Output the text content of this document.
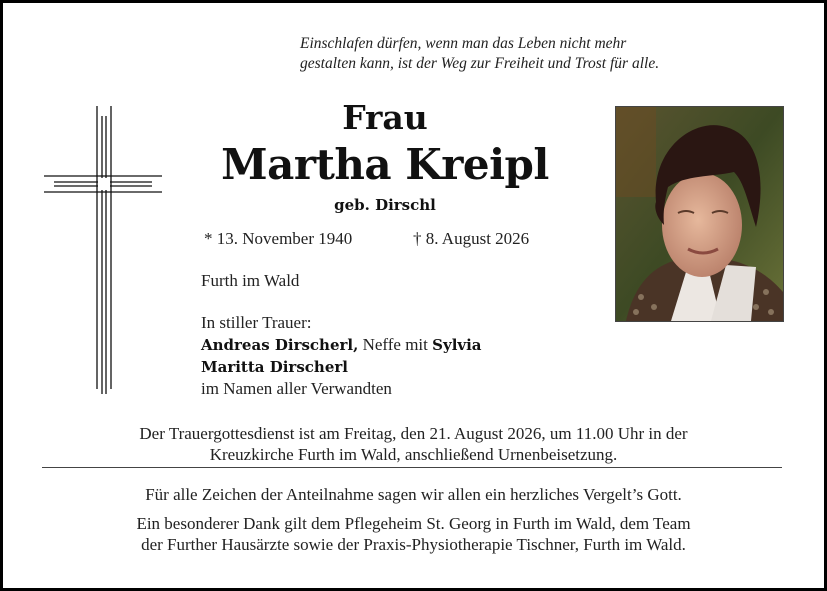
Einschlafen dürfen, wenn man das Leben nicht mehr
gestalten kann, ist der Weg zur Freiheit und Trost für alle.
Frau
Martha Kreipl
geb. Dirschl
* 13. November 1940	† 8. August 2026
Furth im Wald
In stiller Trauer:
Andreas Dirscherl, Neffe mit Sylvia
Maritta Dirscherl
im Namen aller Verwandten
Der Trauergottesdienst ist am Freitag, den 21. August 2026, um 11.00 Uhr in der
Kreuzkirche Furth im Wald, anschließend Urnenbeisetzung.
Für alle Zeichen der Anteilnahme sagen wir allen ein herzliches Vergelt’s Gott.
Ein besonderer Dank gilt dem Pflegeheim St. Georg in Furth im Wald, dem Team
der Further Hausärzte sowie der Praxis-Physiotherapie Tischner, Furth im Wald.
